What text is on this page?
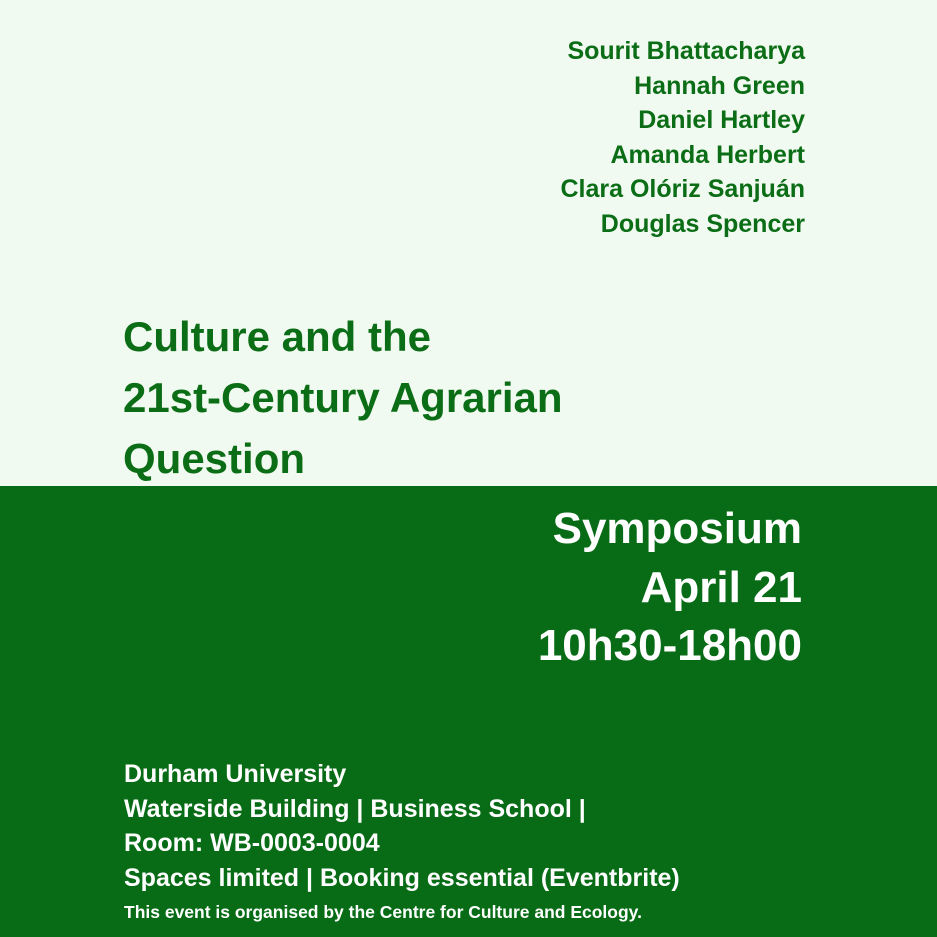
Sourit Bhattacharya
Hannah Green
Daniel Hartley
Amanda Herbert
Clara Olóriz Sanjuán
Douglas Spencer
Culture and the
21st-Century Agrarian
Question
Symposium
April 21
10h30-18h00
Durham University
Waterside Building | Business School |
Room: WB-0003-0004
Spaces limited | Booking essential (Eventbrite)
This event is organised by the Centre for Culture and Ecology.
